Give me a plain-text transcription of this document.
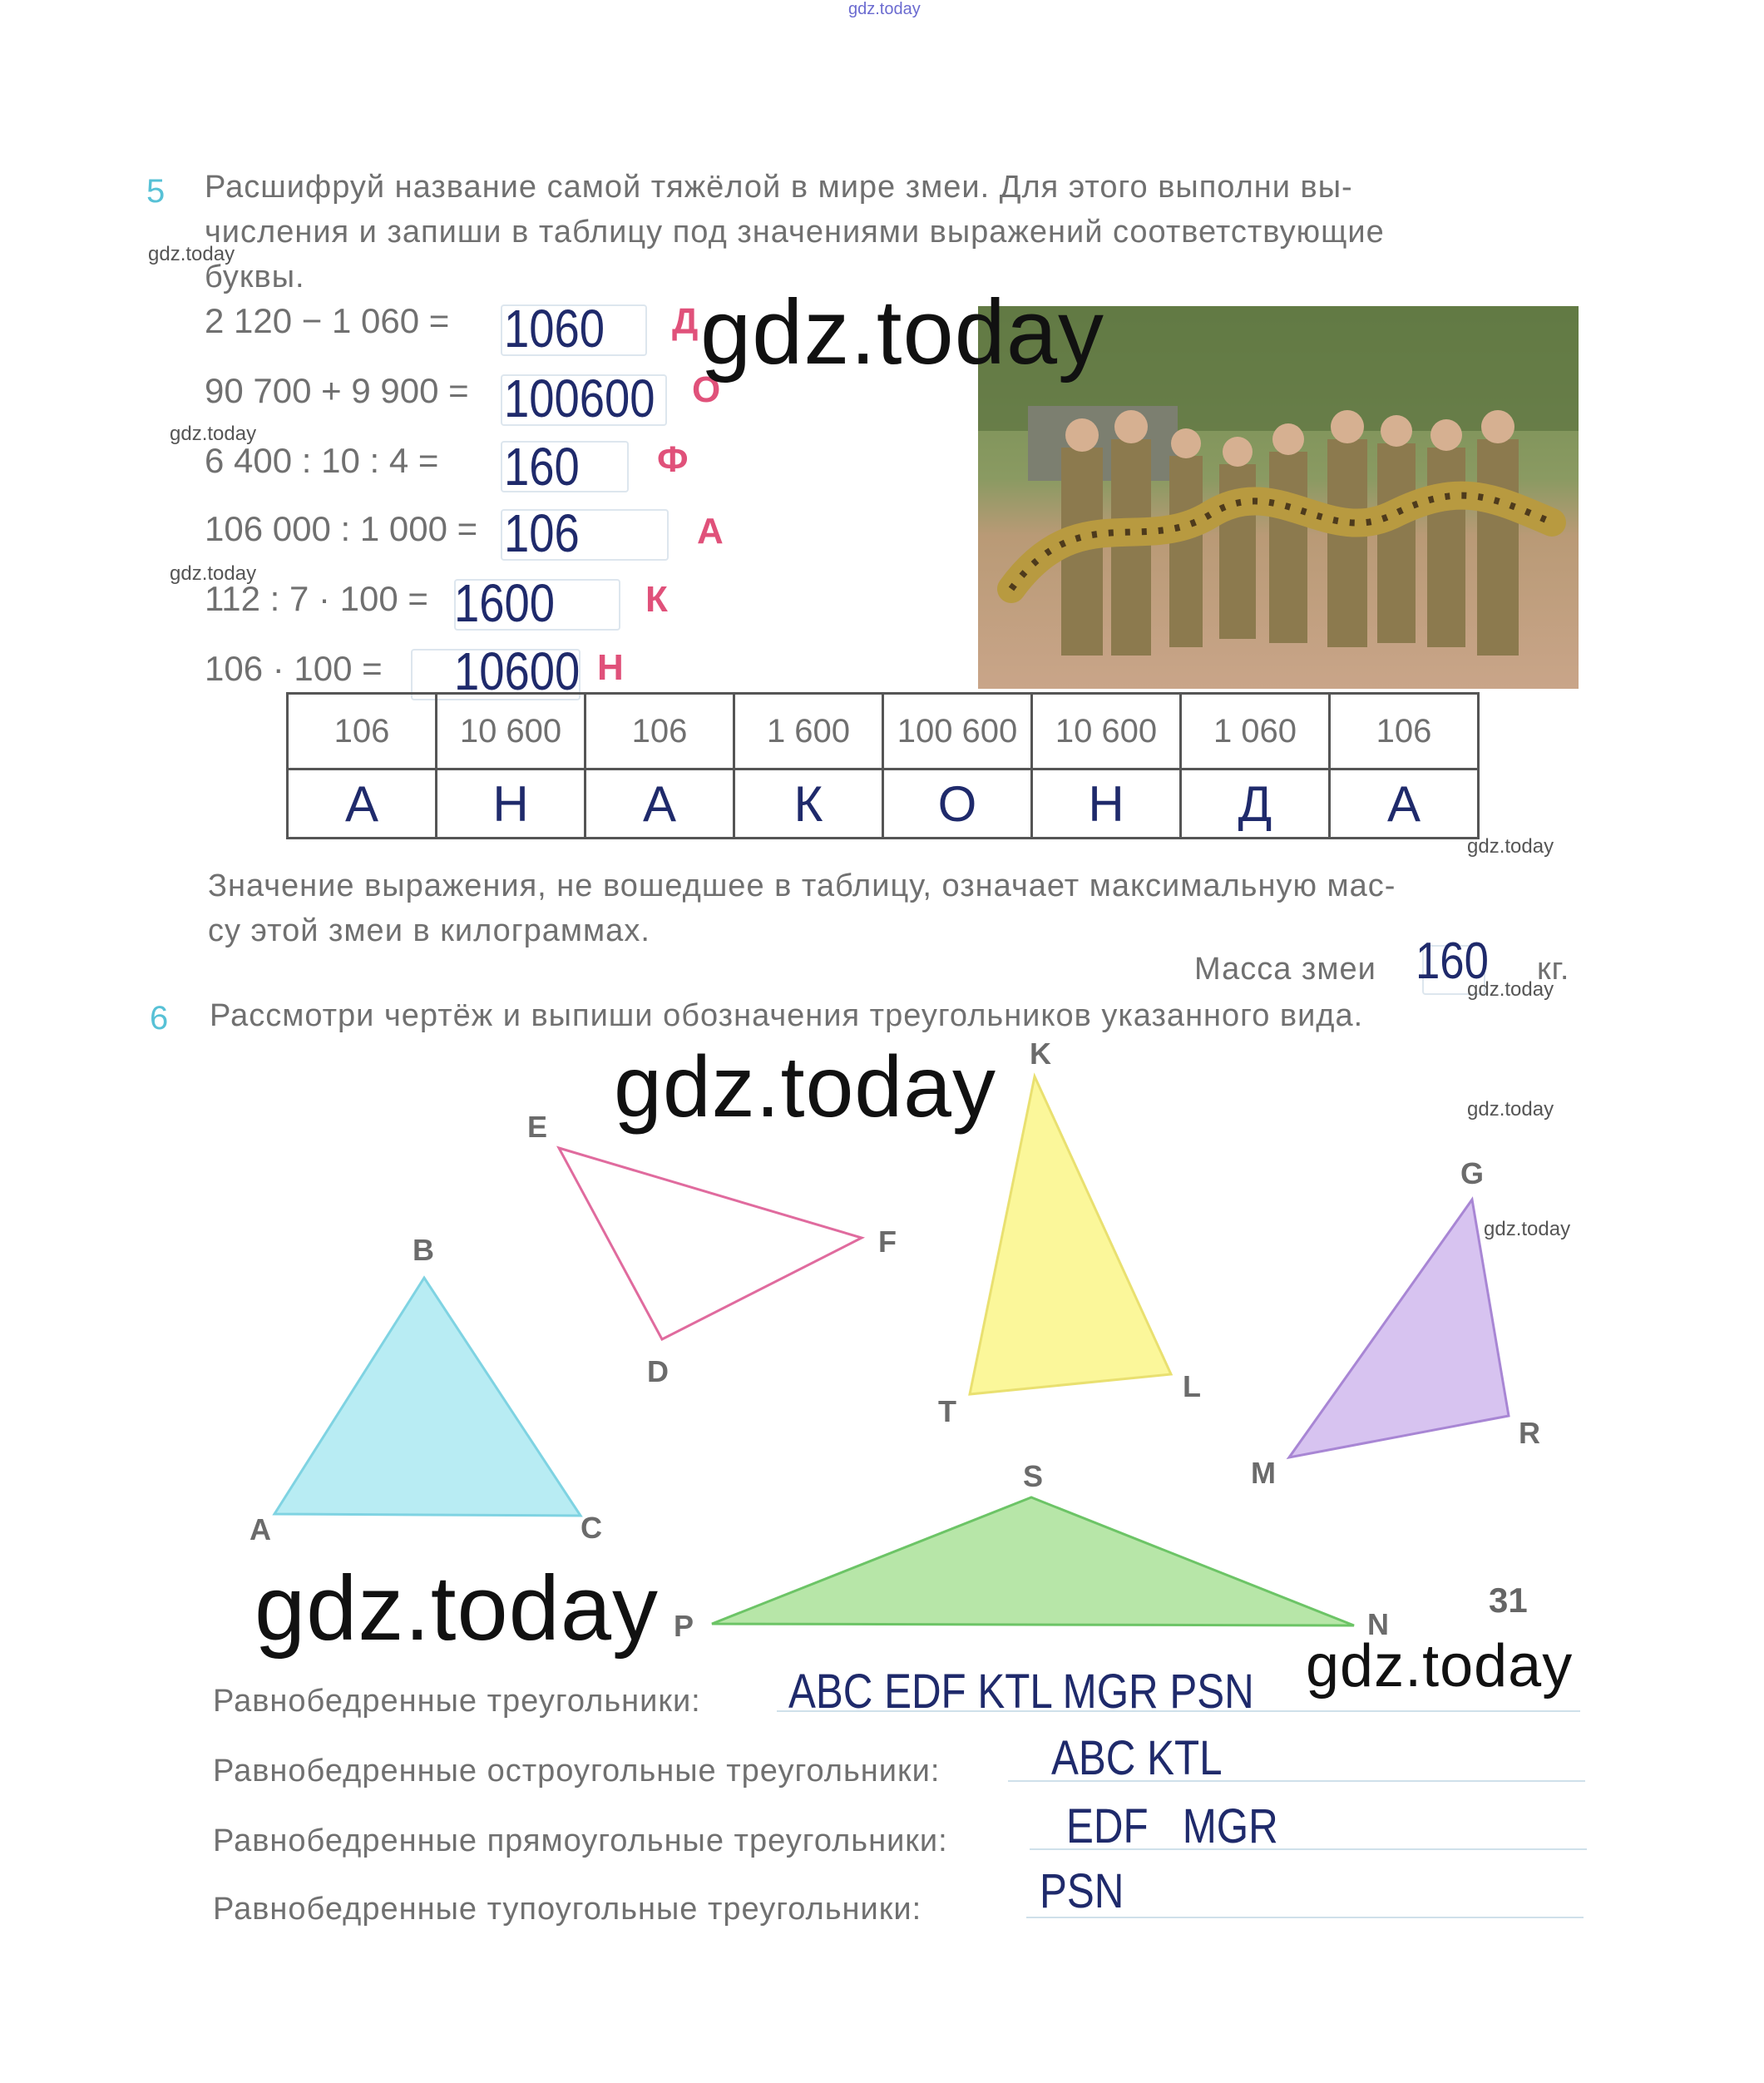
gdz.today
5 Расшифруй название самой тяжёлой в мире змеи. Для этого выполни вы-
числения и запиши в таблицу под значениями выражений соответствующие
буквы.
gdz.today
2 120 − 1 060 = 1060 Д
90 700 + 9 900 = 100600 О
gdz.today
6 400 : 10 : 4 = 160 Ф
106 000 : 1 000 = 106	А
gdz.today
112 : 7 · 100 = 1600 К
106 · 100 = 10600 Н
gdz.today
106	10 600	106	1 600	100 600	10 600	1 060	106
А	Н	А	К	О	Н	Д	А
gdz.today
Значение выражения, не вошедшее в таблицу, означает максимальную мас-
су этой змеи в килограммах.
Масса змеи 160 кг.
gdz.today
6 Рассмотри чертёж и выпиши обозначения треугольников указанного вида.
gdz.today	gdz.today
gdz.today
B
A	C
E
F
D
K
T
L
G
M
R
S
P	N
31
gdz.today
gdz.today
Равнобедренные треугольники: ABC EDF KTL MGR PSN
Равнобедренные остроугольные треугольники: ABC KTL
Равнобедренные прямоугольные треугольники: EDF   MGR
Равнобедренные тупоугольные треугольники: PSN
